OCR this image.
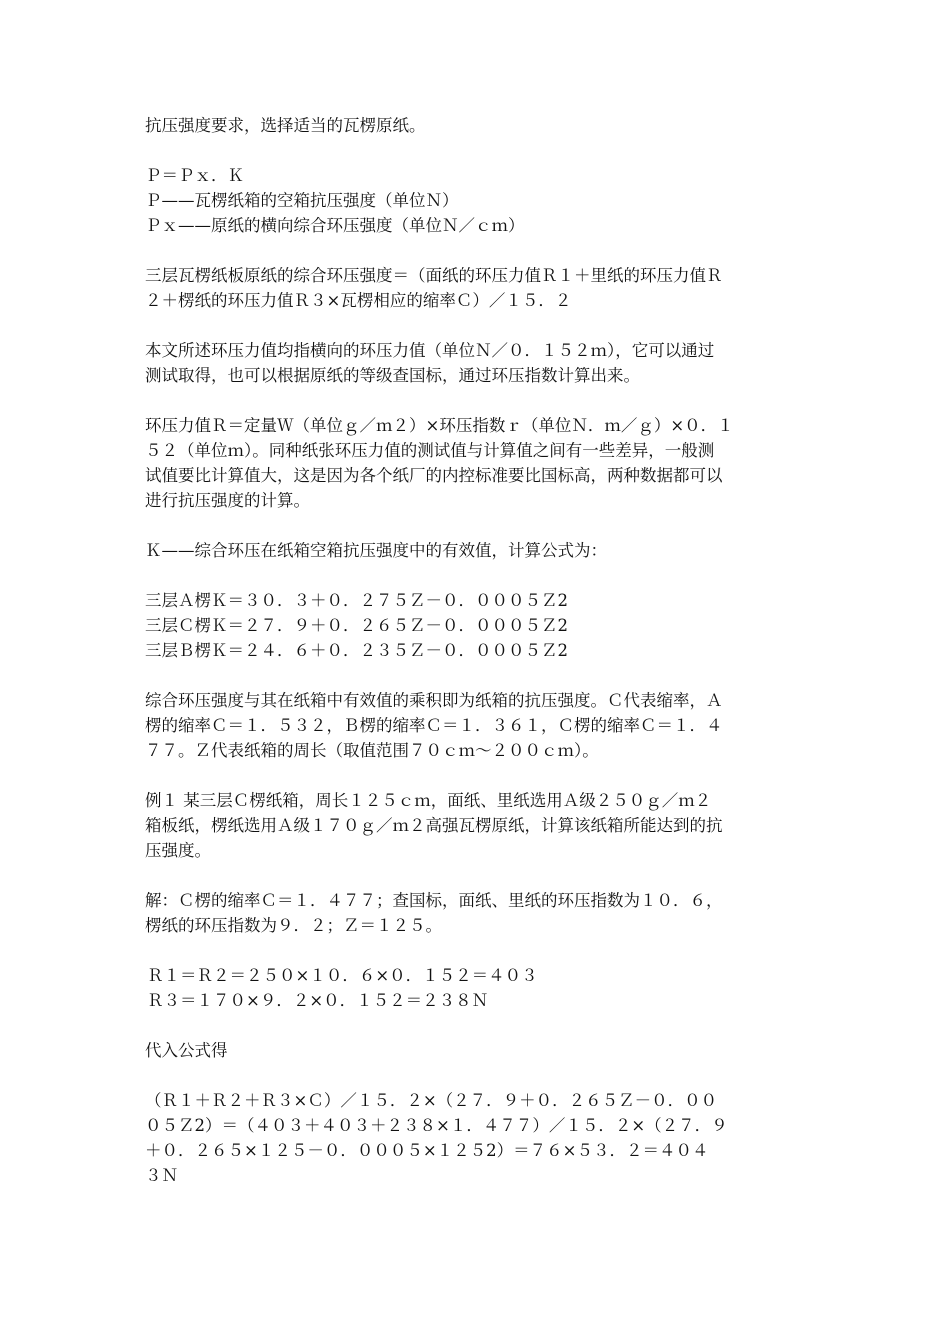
抗压强度要求，选择适当的瓦楞原纸。

Ｐ＝Ｐｘ．Ｋ
Ｐ——瓦楞纸箱的空箱抗压强度（单位Ｎ）
Ｐｘ——原纸的横向综合环压强度（单位Ｎ／ｃｍ）

三层瓦楞纸板原纸的综合环压强度＝（面纸的环压力值Ｒ１＋里纸的环压力值Ｒ
２＋楞纸的环压力值Ｒ３×瓦楞相应的缩率Ｃ）／１５．２

本文所述环压力值均指横向的环压力值（单位Ｎ／０．１５２ｍ），它可以通过
测试取得，也可以根据原纸的等级查国标，通过环压指数计算出来。

环压力值Ｒ＝定量Ｗ（单位ｇ／ｍ２）×环压指数ｒ（单位Ｎ．ｍ／ｇ）×０．１
５２（单位ｍ）。同种纸张环压力值的测试值与计算值之间有一些差异，一般测
试值要比计算值大，这是因为各个纸厂的内控标准要比国标高，两种数据都可以
进行抗压强度的计算。

Ｋ——综合环压在纸箱空箱抗压强度中的有效值，计算公式为：

三层Ａ楞Ｋ＝３０．３＋０．２７５Ｚ－０．０００５Ｚ2
三层Ｃ楞Ｋ＝２７．９＋０．２６５Ｚ－０．０００５Ｚ2
三层Ｂ楞Ｋ＝２４．６＋０．２３５Ｚ－０．０００５Ｚ2

综合环压强度与其在纸箱中有效值的乘积即为纸箱的抗压强度。Ｃ代表缩率，Ａ
楞的缩率Ｃ＝１．５３２，Ｂ楞的缩率Ｃ＝１．３６１，Ｃ楞的缩率Ｃ＝１．４
７７。Ｚ代表纸箱的周长（取值范围７０ｃｍ～２００ｃｍ）。

例１ 某三层Ｃ楞纸箱，周长１２５ｃｍ，面纸、里纸选用Ａ级２５０ｇ／ｍ２
箱板纸，楞纸选用Ａ级１７０ｇ／ｍ２高强瓦楞原纸，计算该纸箱所能达到的抗
压强度。

解：Ｃ楞的缩率Ｃ＝１．４７７；查国标，面纸、里纸的环压指数为１０．６，
楞纸的环压指数为９．２；Ｚ＝１２５。

Ｒ１＝Ｒ２＝２５０×１０．６×０．１５２＝４０３
Ｒ３＝１７０×９．２×０．１５２＝２３８Ｎ

代入公式得

（Ｒ１＋Ｒ２＋Ｒ３×Ｃ）／１５．２×（２７．９＋０．２６５Ｚ－０．００
０５Ｚ2）＝（４０３＋４０３＋２３８×１．４７７）／１５．２×（２７．９
＋０．２６５×１２５－０．０００５×１２５2）＝７６×５３．２＝４０４
３Ｎ
